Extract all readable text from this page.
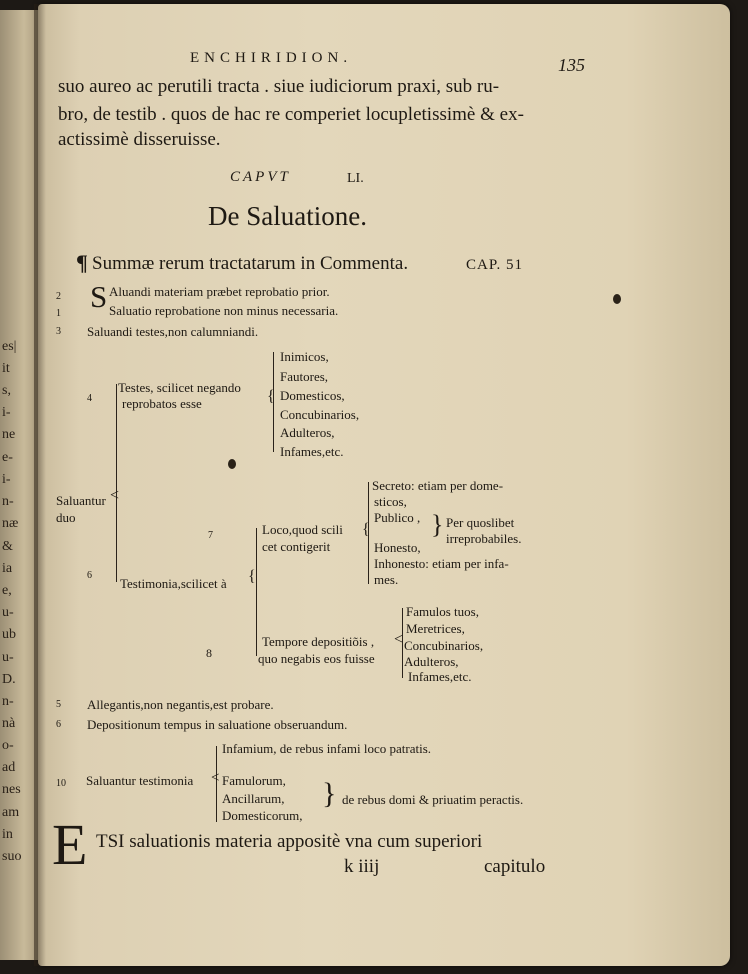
es|
it
s,
i-
ne
e-
i-
n-
næ
&
ia
e,
u-
ub
u-
D.
n-
nà
o-
ad
nes
am
in
suo
ENCHIRIDION.	135
suo aureo ac perutili tracta . siue iudiciorum praxi, sub ru-
bro, de testib . quos de hac re comperiet locupletissimè & ex-
actissimè disseruisse.
CAPVT	LI.
De Saluatione.
¶ Summæ rerum tractatarum in Commenta.	CAP. 51
2 S Aluandi materiam præbet reprobatio prior.
1	Saluatio reprobatione non minus necessaria.
3 Saluandi testes,non calumniandi.
Saluantur
duo
<
4
Testes, scilicet negando
reprobatos esse	{
Inimicos,
Fautores,
Domesticos,
Concubinarios,
Adulteros,
Infames,etc.
6
Testimonia,scilicet à {
7	Loco,quod scili
cet contigerit
{
Secreto: etiam per dome-
sticos,
Publico ,
Honesto,
} Per quoslibet
irreprobabiles.
Inhonesto: etiam per infa-
mes.
8
Tempore depositiõis ,
quo negabis eos fuisse
<
Famulos tuos,
Meretrices,
Concubinarios,
Adulteros,
Infames,etc.
5 Allegantis,non negantis,est probare.
6 Depositionum tempus in saluatione obseruandum.
Infamium, de rebus infami loco patratis.
10 Saluantur testimonia < Famulorum,
Ancillarum,
Domesticorum,
} de rebus domi & priuatim peractis.
E TSI saluationis materia appositè vna cum superiori
k iiij	capitulo
